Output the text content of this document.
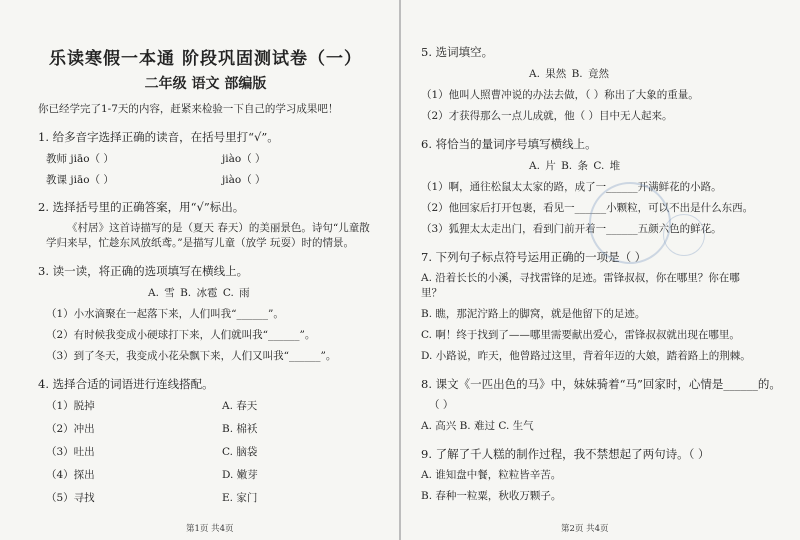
乐读寒假一本通 阶段巩固测试卷（一）
二年级 语文 部编版
你已经学完了1-7天的内容，赶紧来检验一下自己的学习成果吧！
1. 给多音字选择正确的读音，在括号里打“√”。
教师 jiāo（ ）	jiào（ ）
教课 jiāo（ ）	jiào（ ）
2. 选择括号里的正确答案，用“√”标出。
《村居》这首诗描写的是（夏天 春天）的美丽景色。诗句“儿童散学归来早，忙趁东风放纸鸢。”是描写儿童（放学 玩耍）时的情景。
3. 读一读，将正确的选项填写在横线上。
A. 雪 B. 冰雹 C. 雨
（1）小水滴聚在一起落下来，人们叫我“______”。
（2）有时候我变成小硬球打下来，人们就叫我“______”。
（3）到了冬天，我变成小花朵飘下来，人们又叫我“______”。
4. 选择合适的词语进行连线搭配。
（1）脱掉	A. 春天
（2）冲出	B. 棉袄
（3）吐出	C. 脑袋
（4）探出	D. 嫩芽
（5）寻找	E. 家门
第1页 共4页
5. 选词填空。
A. 果然 B. 竟然
（1）他叫人照曹冲说的办法去做，（ ）称出了大象的重量。
（2）才获得那么一点儿成就，他（ ）目中无人起来。
6. 将恰当的量词序号填写横线上。
A. 片 B. 条 C. 堆
（1）啊，通往松鼠太太家的路，成了一______开满鲜花的小路。
（2）他回家后打开包裹，看见一______小颗粒，可以不出是什么东西。
（3）狐狸太太走出门，看到门前开着一______五颜六色的鲜花。
7. 下列句子标点符号运用正确的一项是（ ）
A. 沿着长长的小溪，寻找雷锋的足迹。雷锋叔叔，你在哪里？你在哪里？
B. 瞧，那泥泞路上的脚窝，就是他留下的足迹。
C. 啊！终于找到了——哪里需要献出爱心，雷锋叔叔就出现在哪里。
D. 小路说，昨天，他曾路过这里，背着年迈的大娘，踏着路上的荆棘。
8. 课文《一匹出色的马》中，妹妹骑着“马”回家时，心情是______的。
（ ）
A. 高兴 B. 难过 C. 生气
9. 了解了千人糕的制作过程，我不禁想起了两句诗。（ ）
A. 谁知盘中餐，粒粒皆辛苦。
B. 春种一粒粟，秋收万颗子。
第2页 共4页
